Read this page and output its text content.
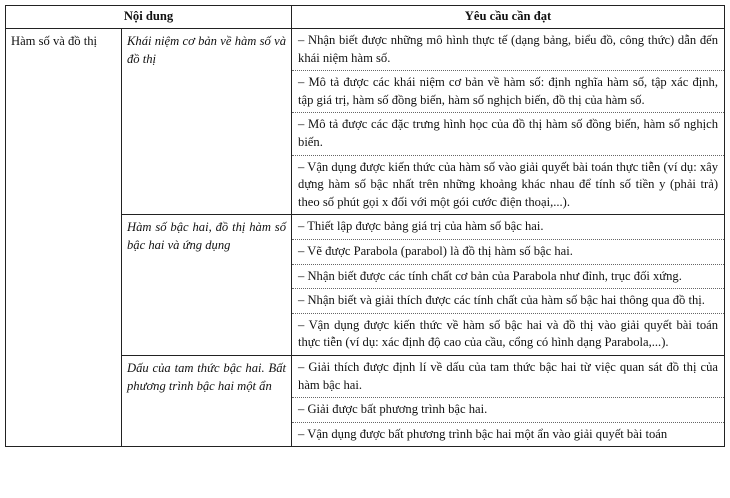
Nội dung		Yêu cầu cần đạt
Hàm số và đồ thị	Khái niệm cơ bản về hàm số và đồ thị	– Nhận biết được những mô hình thực tế (dạng bảng, biểu đồ, công thức) dẫn đến khái niệm hàm số.
– Mô tả được các khái niệm cơ bản về hàm số: định nghĩa hàm số, tập xác định, tập giá trị, hàm số đồng biến, hàm số nghịch biến, đồ thị của hàm số.
– Mô tả được các đặc trưng hình học của đồ thị hàm số đồng biến, hàm số nghịch biến.
– Vận dụng được kiến thức của hàm số vào giải quyết bài toán thực tiễn (ví dụ: xây dựng hàm số bậc nhất trên những khoảng khác nhau để tính số tiền y (phải trả) theo số phút gọi x đối với một gói cước điện thoại,...).

	Hàm số bậc hai, đồ thị hàm số bậc hai và ứng dụng	– Thiết lập được bảng giá trị của hàm số bậc hai.
– Vẽ được Parabola (parabol) là đồ thị hàm số bậc hai.
– Nhận biết được các tính chất cơ bản của Parabola như đỉnh, trục đối xứng.
– Nhận biết và giải thích được các tính chất của hàm số bậc hai thông qua đồ thị.
– Vận dụng được kiến thức về hàm số bậc hai và đồ thị vào giải quyết bài toán thực tiễn (ví dụ: xác định độ cao của cầu, cổng có hình dạng Parabola,...).

	Dấu của tam thức bậc hai. Bất phương trình bậc hai một ẩn	– Giải thích được định lí về dấu của tam thức bậc hai từ việc quan sát đồ thị của hàm bậc hai.
– Giải được bất phương trình bậc hai.
– Vận dụng được bất phương trình bậc hai một ẩn vào giải quyết bài toán
